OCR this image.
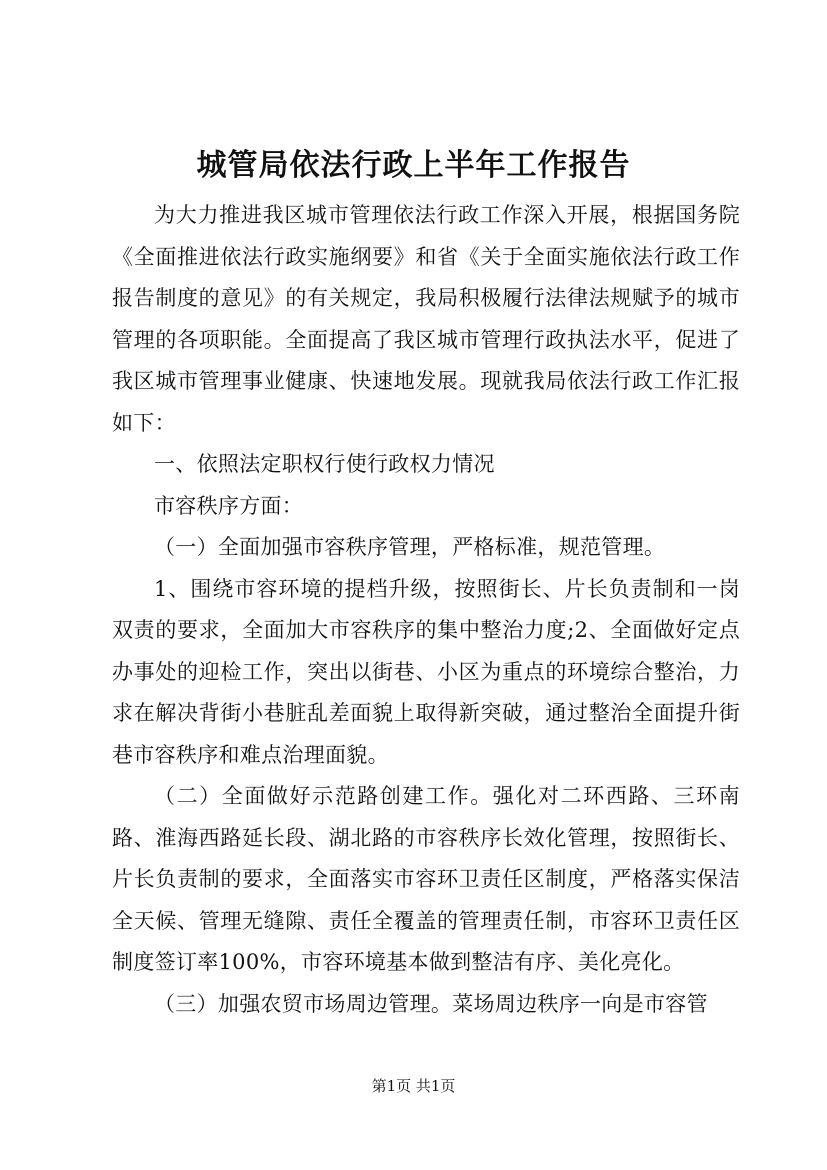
城管局依法行政上半年工作报告

为大力推进我区城市管理依法行政工作深入开展，根据国务院《全面推进依法行政实施纲要》和省《关于全面实施依法行政工作报告制度的意见》的有关规定，我局积极履行法律法规赋予的城市管理的各项职能。全面提高了我区城市管理行政执法水平，促进了我区城市管理事业健康、快速地发展。现就我局依法行政工作汇报如下：

一、依照法定职权行使行政权力情况

市容秩序方面：

（一）全面加强市容秩序管理，严格标准，规范管理。

1、围绕市容环境的提档升级，按照街长、片长负责制和一岗双责的要求，全面加大市容秩序的集中整治力度;2、全面做好定点办事处的迎检工作，突出以街巷、小区为重点的环境综合整治，力求在解决背街小巷脏乱差面貌上取得新突破，通过整治全面提升街巷市容秩序和难点治理面貌。

（二）全面做好示范路创建工作。强化对二环西路、三环南路、淮海西路延长段、湖北路的市容秩序长效化管理，按照街长、片长负责制的要求，全面落实市容环卫责任区制度，严格落实保洁全天候、管理无缝隙、责任全覆盖的管理责任制，市容环卫责任区制度签订率100%，市容环境基本做到整洁有序、美化亮化。

（三）加强农贸市场周边管理。菜场周边秩序一向是市容管

第1页 共1页
